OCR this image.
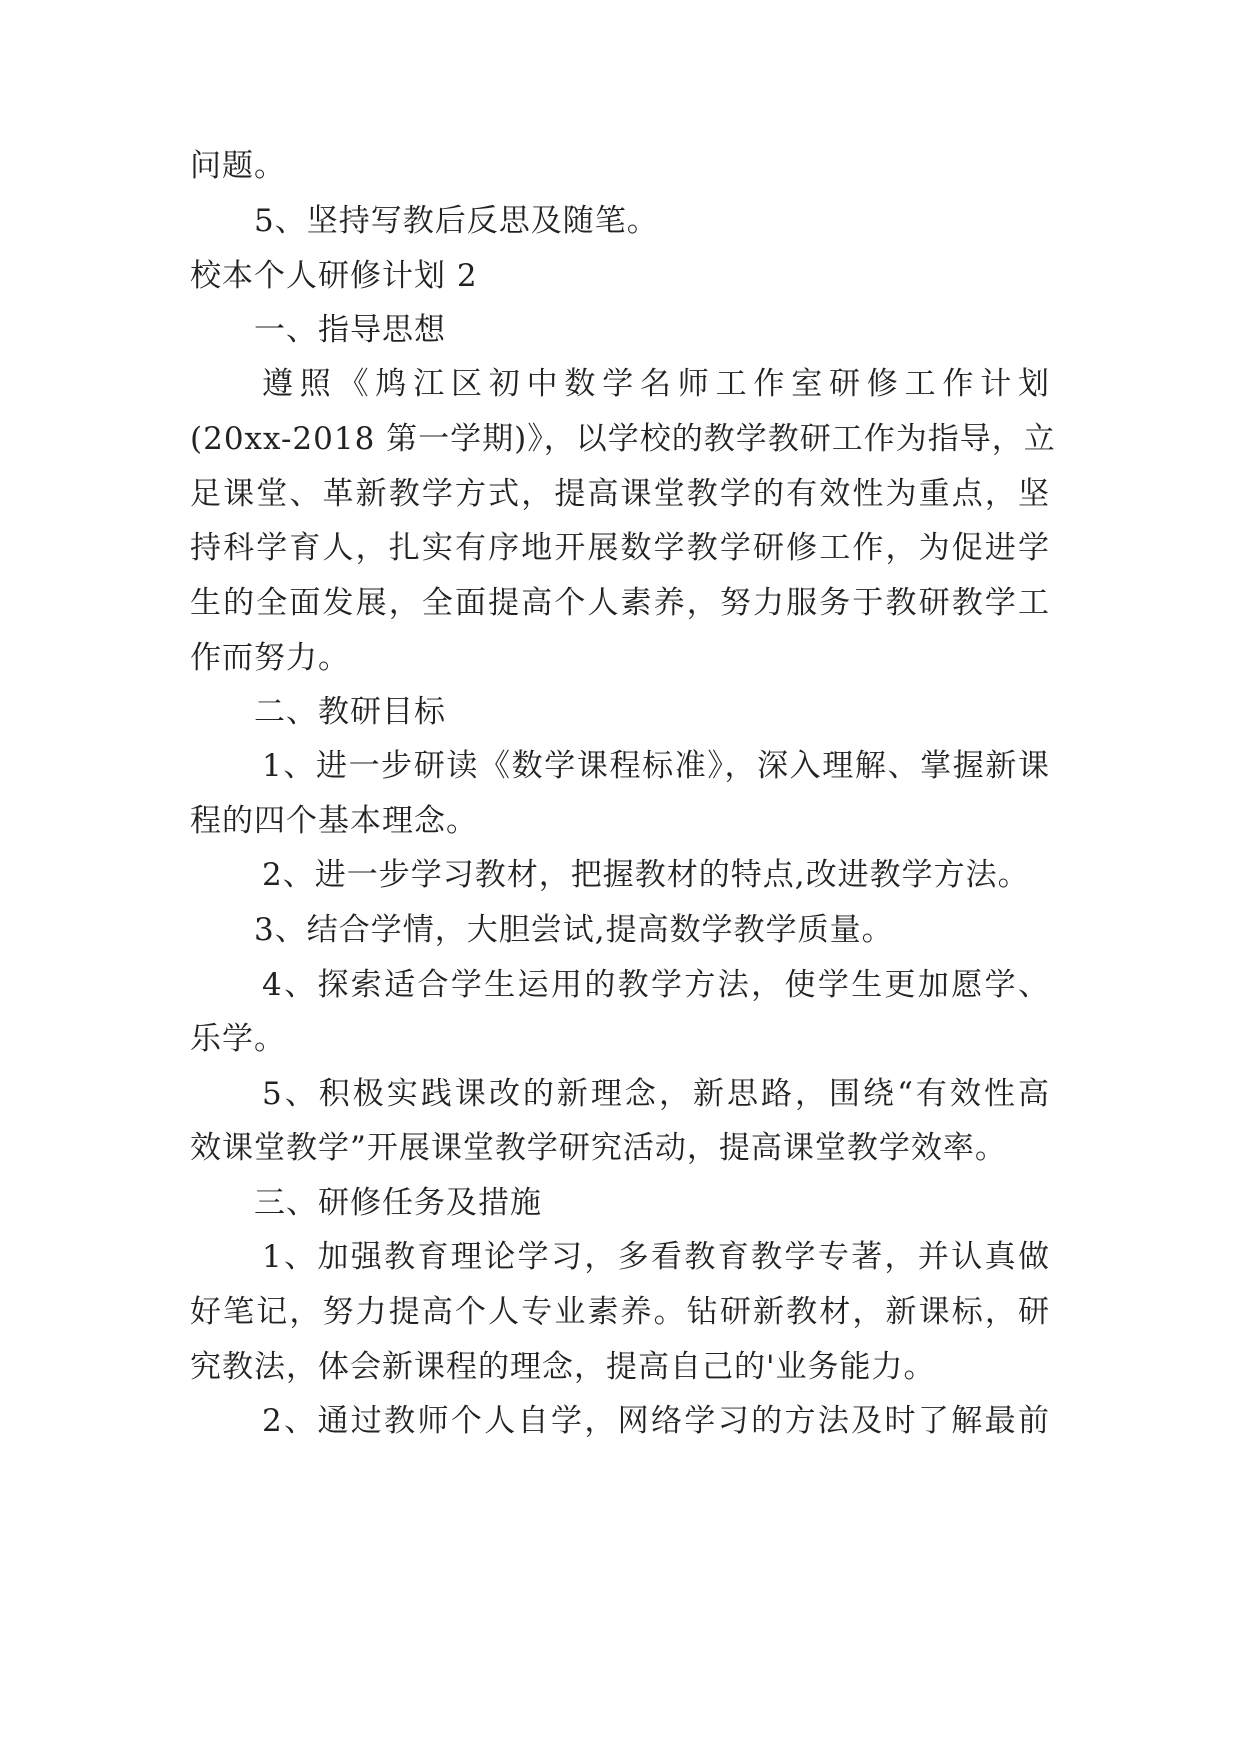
问题。
5、坚持写教后反思及随笔。
校本个人研修计划 2
一、指导思想
遵照《鸠江区初中数学名师工作室研修工作计划
(20xx-2018 第一学期)》，以学校的教学教研工作为指导，立
足课堂、革新教学方式，提高课堂教学的有效性为重点，坚
持科学育人，扎实有序地开展数学教学研修工作，为促进学
生的全面发展，全面提高个人素养，努力服务于教研教学工
作而努力。
二、教研目标
1、进一步研读《数学课程标准》，深入理解、掌握新课
程的四个基本理念。
2、进一步学习教材，把握教材的特点,改进教学方法。
3、结合学情，大胆尝试,提高数学教学质量。
4、探索适合学生运用的教学方法，使学生更加愿学、
乐学。
5、积极实践课改的新理念，新思路，围绕“有效性高
效课堂教学”开展课堂教学研究活动，提高课堂教学效率。
三、研修任务及措施
1、加强教育理论学习，多看教育教学专著，并认真做
好笔记，努力提高个人专业素养。钻研新教材，新课标，研
究教法，体会新课程的理念，提高自己的'业务能力。
2、通过教师个人自学，网络学习的方法及时了解最前
